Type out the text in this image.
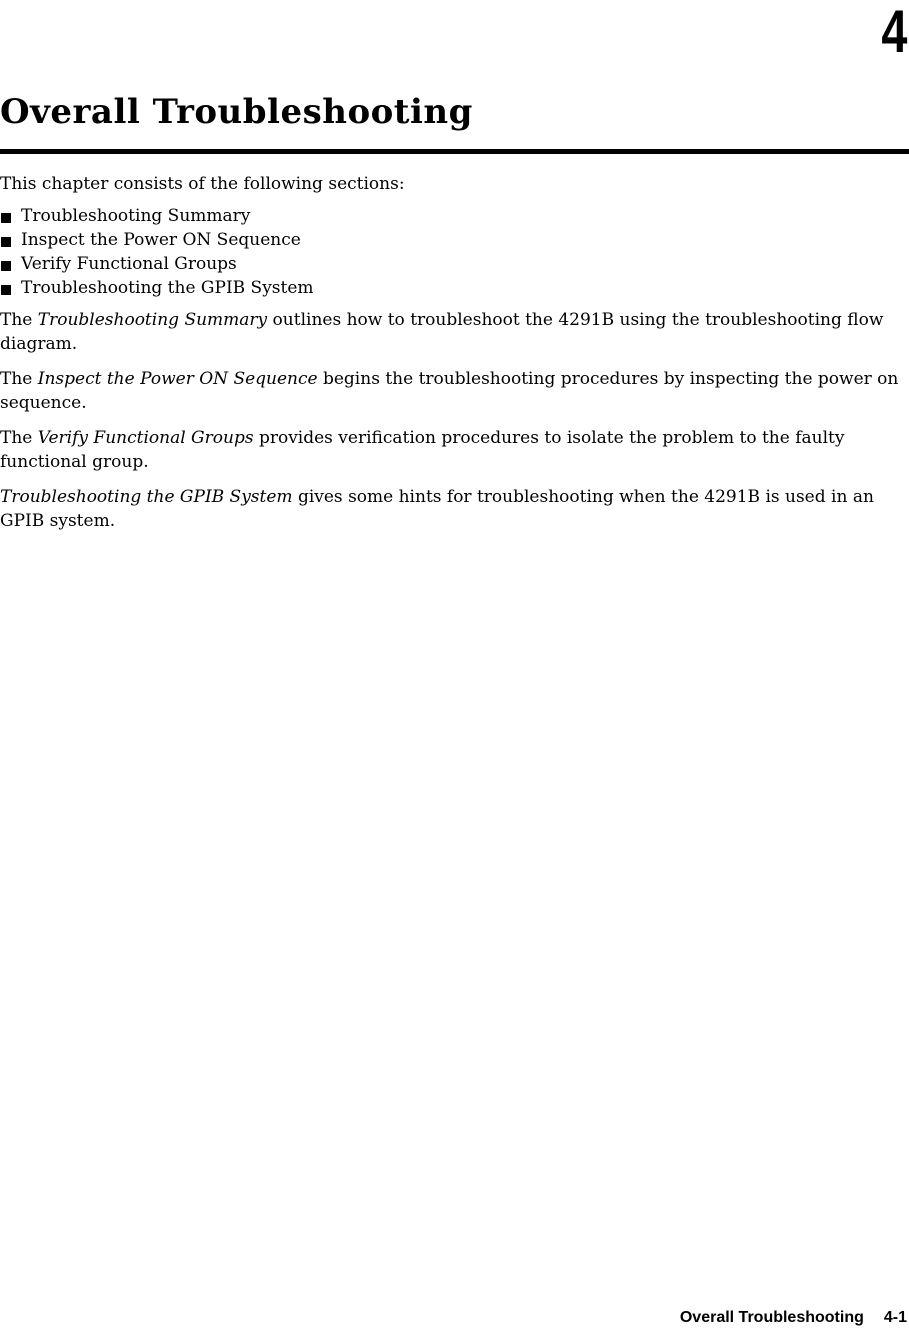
4
Overall Troubleshooting

This chapter consists of the following sections:

Troubleshooting Summary
Inspect the Power ON Sequence
Verify Functional Groups
Troubleshooting the GPIB System

The Troubleshooting Summary outlines how to troubleshoot the 4291B using the troubleshooting flow diagram.

The Inspect the Power ON Sequence begins the troubleshooting procedures by inspecting the power on sequence.

The Verify Functional Groups provides verification procedures to isolate the problem to the faulty functional group.

Troubleshooting the GPIB System gives some hints for troubleshooting when the 4291B is used in an GPIB system.

Overall Troubleshooting 4-1
